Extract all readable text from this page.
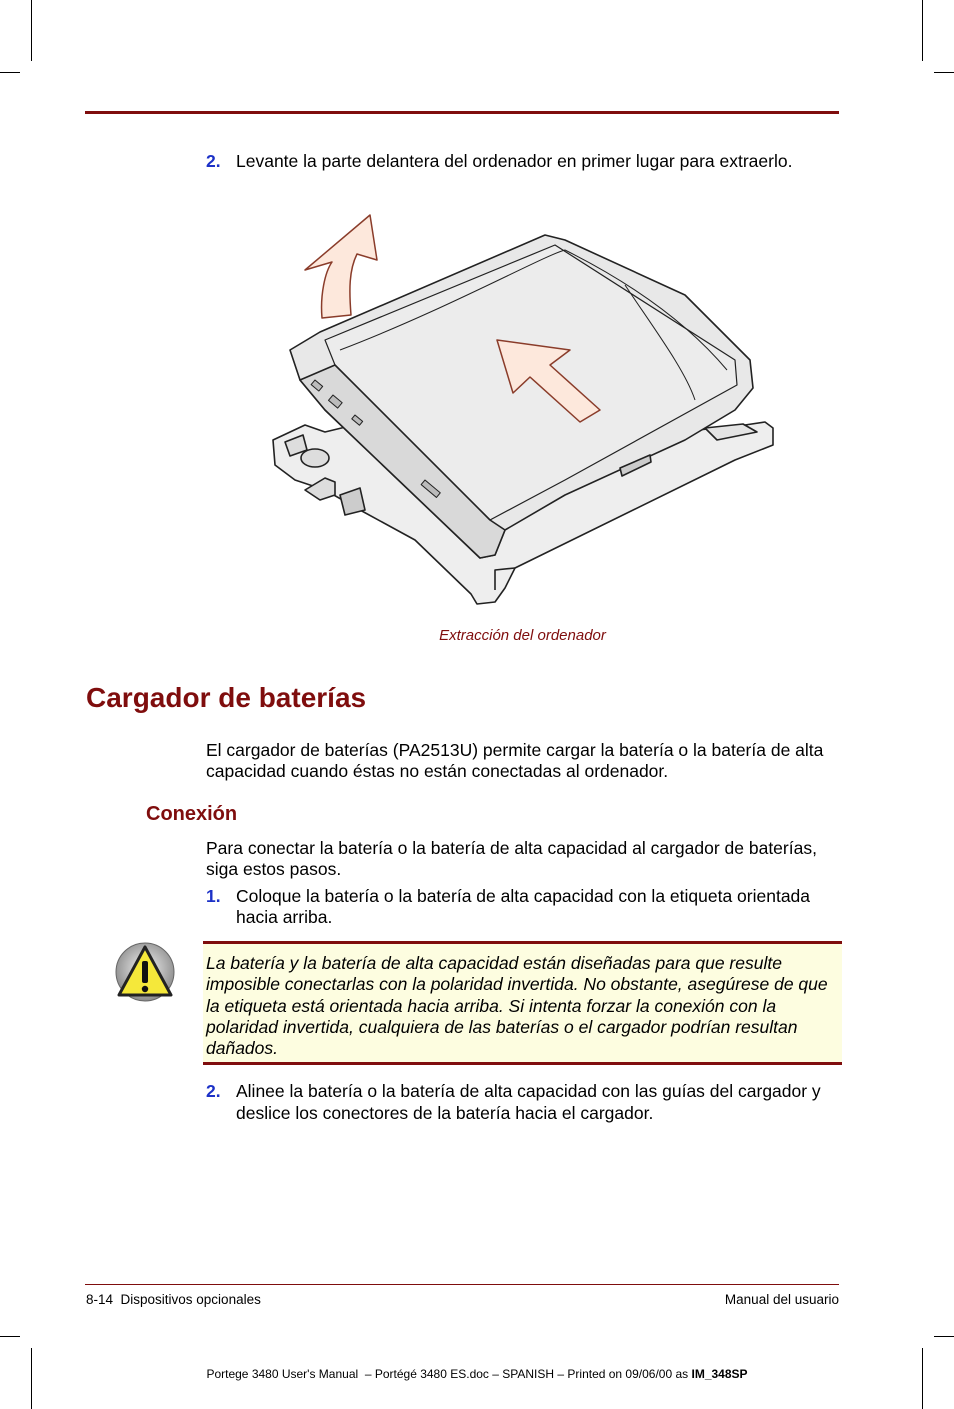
2. Levante la parte delantera del ordenador en primer lugar para extraerlo.
Extracción del ordenador
Cargador de baterías
El cargador de baterías (PA2513U) permite cargar la batería o la batería de alta capacidad cuando éstas no están conectadas al ordenador.
Conexión
Para conectar la batería o la batería de alta capacidad al cargador de baterías, siga estos pasos.
1. Coloque la batería o la batería de alta capacidad con la etiqueta orientada hacia arriba.
La batería y la batería de alta capacidad están diseñadas para que resulte imposible conectarlas con la polaridad invertida. No obstante, asegúrese de que la etiqueta está orientada hacia arriba. Si intenta forzar la conexión con la polaridad invertida, cualquiera de las baterías o el cargador podrían resultan dañados.
2. Alinee la batería o la batería de alta capacidad con las guías del cargador y deslice los conectores de la batería hacia el cargador.
8-14  Dispositivos opcionales	Manual del usuario
Portege 3480 User's Manual  – Portégé 3480 ES.doc – SPANISH – Printed on 09/06/00 as IM_348SP
